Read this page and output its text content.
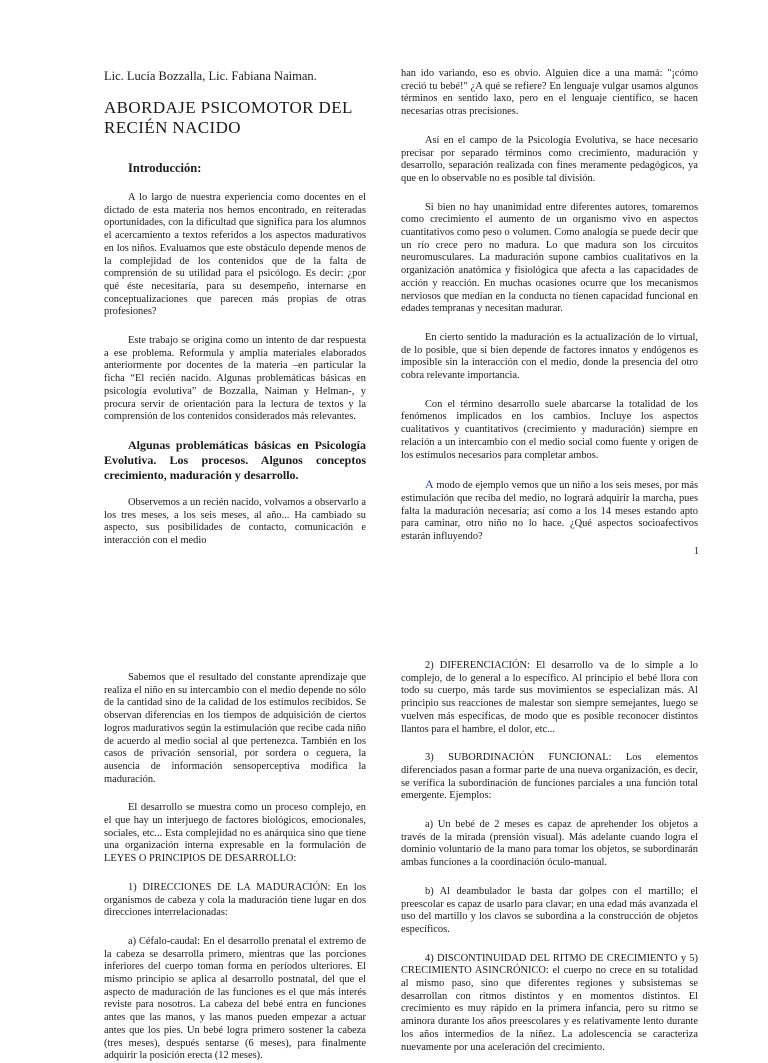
Lic. Lucía Bozzalla, Lic. Fabiana Naiman.

ABORDAJE PSICOMOTOR DEL RECIÉN NACIDO

Introducción:

A lo largo de nuestra experiencia como docentes en el dictado de esta materia nos hemos encontrado, en reiteradas oportunidades, con la dificultad que significa para los alumnos el acercamiento a textos referidos a los aspectos madurativos en los niños. Evaluamos que este obstáculo depende menos de la complejidad de los contenidos que de la falta de comprensión de su utilidad para el psicólogo. Es decir: ¿por qué éste necesitaría, para su desempeño, internarse en conceptualizaciones que parecen más propias de otras profesiones?

Este trabajo se origina como un intento de dar respuesta a ese problema. Reformula y amplía materiales elaborados anteriormente por docentes de la materia –en particular la ficha “El recién nacido. Algunas problemáticas básicas en psicología evolutiva” de Bozzalla, Naiman y Helman-, y procura servir de orientación para la lectura de textos y la comprensión de los contenidos considerados más relevantes.

Algunas problemáticas básicas en Psicología Evolutiva. Los procesos. Algunos conceptos crecimiento, maduración y desarrollo.

Observemos a un recién nacido, volvamos a observarlo a los tres meses, a los seis meses, al año... Ha cambiado su aspecto, sus posibilidades de contacto, comunicación e interacción con el medio

han ido variando, eso es obvio. Alguien dice a una mamá: "¡cómo creció tu bebé!" ¿A qué se refiere? En lenguaje vulgar usamos algunos términos en sentido laxo, pero en el lenguaje científico, se hacen necesarias otras precisiones.

Así en el campo de la Psicología Evolutiva, se hace necesario precisar por separado términos como crecimiento, maduración y desarrollo, separación realizada con fines meramente pedagógicos, ya que en lo observable no es posible tal división.

Si bien no hay unanimidad entre diferentes autores, tomaremos como crecimiento el aumento de un organismo vivo en aspectos cuantitativos como peso o volumen. Como analogía se puede decir que un río crece pero no madura. Lo que madura son los circuitos neuromusculares. La maduración supone cambios cualitativos en la organización anatómica y fisiológica que afecta a las capacidades de acción y reacción. En muchas ocasiones ocurre que los mecanismos nerviosos que median en la conducta no tienen capacidad funcional en edades tempranas y necesitan madurar.

En cierto sentido la maduración es la actualización de lo virtual, de lo posible, que si bien depende de factores innatos y endógenos es imposible sin la interacción con el medio, donde la presencia del otro cobra relevante importancia.

Con el término desarrollo suele abarcarse la totalidad de los fenómenos implicados en los cambios. Incluye los aspectos cualitativos y cuantitativos (crecimiento y maduración) siempre en relación a un intercambio con el medio social como fuente y origen de los estímulos necesarios para completar ambos.

A modo de ejemplo vemos que un niño a los seis meses, por más estimulación que reciba del medio, no logrará adquirir la marcha, pues falta la maduración necesaria; así como a los 14 meses estando apto para caminar, otro niño no lo hace. ¿Qué aspectos socioafectivos estarán influyendo?

1

Sabemos que el resultado del constante aprendizaje que realiza el niño en su intercambio con el medio depende no sólo de la cantidad sino de la calidad de los estímulos recibidos. Se observan diferencias en los tiempos de adquisición de ciertos logros madurativos según la estimulación que recibe cada niño de acuerdo al medio social al que pertenezca. También en los casos de privación sensorial, por sordera o ceguera, la ausencia de información sensoperceptiva modifica la maduración.

El desarrollo se muestra como un proceso complejo, en el que hay un interjuego de factores biológicos, emocionales, sociales, etc... Esta complejidad no es anárquica sino que tiene una organización interna expresable en la formulación de LEYES O PRINCIPIOS DE DESARROLLO:

1) DIRECCIONES DE LA MADURACIÓN: En los organismos de cabeza y cola la maduración tiene lugar en dos direcciones interrelacionadas:

a) Céfalo-caudal: En el desarrollo prenatal el extremo de la cabeza se desarrolla primero, mientras que las porciones inferiores del cuerpo toman forma en períodos ulteriores. El mismo principio se aplica al desarrollo postnatal, del que el aspecto de maduración de las funciones es el que más interés reviste para nosotros. La cabeza del bebé entra en funciones antes que las manos, y las manos pueden empezar a actuar antes que los pies. Un bebé logra primero sostener la cabeza (tres meses), después sentarse (6 meses), para finalmente adquirir la posición erecta (12 meses).

2) DIFERENCIACIÓN: El desarrollo va de lo simple a lo complejo, de lo general a lo específico. Al principio el bebé llora con todo su cuerpo, más tarde sus movimientos se especializan más. Al principio sus reacciones de malestar son siempre semejantes, luego se vuelven más específicas, de modo que es posible reconocer distintos llantos para el hambre, el dolor, etc...

3) SUBORDINACIÓN FUNCIONAL: Los elementos diferenciados pasan a formar parte de una nueva organización, es decir, se verifica la subordinación de funciones parciales a una función total emergente. Ejemplos:

a) Un bebé de 2 meses es capaz de aprehender los objetos a través de la mirada (prensión visual). Más adelante cuando logra el dominio voluntario de la mano para tomar los objetos, se subordinarán ambas funciones a la coordinación óculo-manual.

b) Al deambulador le basta dar golpes con el martillo; el preescolar es capaz de usarlo para clavar; en una edad más avanzada el uso del martillo y los clavos se subordina a la construcción de objetos específicos.

4) DISCONTINUIDAD DEL RITMO DE CRECIMIENTO y 5) CRECIMIENTO ASINCRÓNICO: el cuerpo no crece en su totalidad al mismo paso, sino que diferentes regiones y subsistemas se desarrollan con ritmos distintos y en momentos distintos. El crecimiento es muy rápido en la primera infancia, pero su ritmo se aminora durante los años preescolares y es relativamente lento durante los años intermedios de la niñez. La adolescencia se caracteriza nuevamente por una aceleración del crecimiento.
